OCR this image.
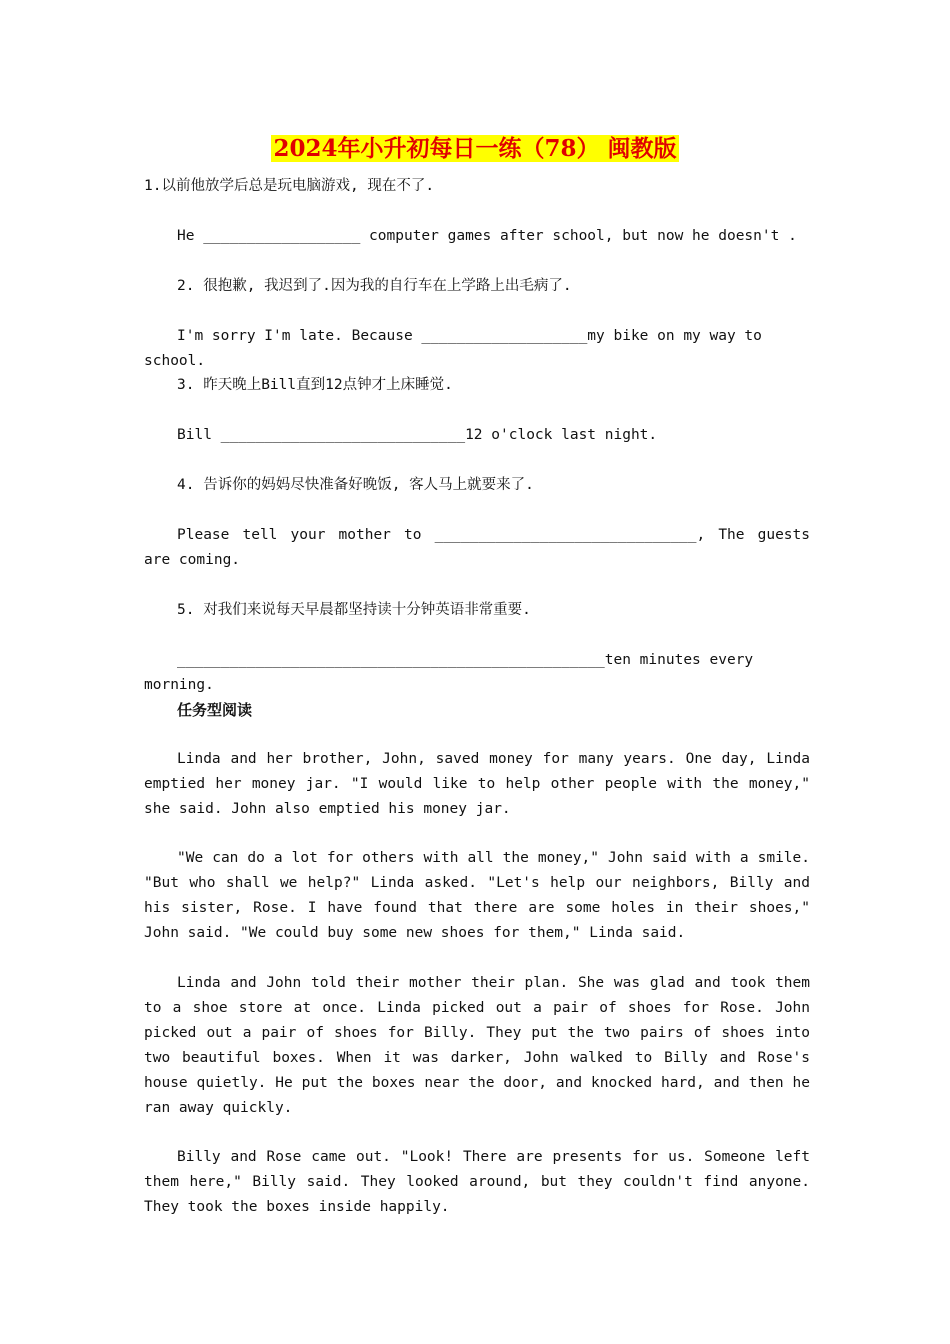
2024年小升初每日一练（78） 闽教版
1.以前他放学后总是玩电脑游戏, 现在不了.
He __________________ computer games after school, but now he doesn't .
2. 很抱歉, 我迟到了.因为我的自行车在上学路上出毛病了.
I'm sorry I'm late. Because ___________________my bike on my way to school.
3. 昨天晚上Bill直到12点钟才上床睡觉.
Bill ____________________________12 o'clock last night.
4. 告诉你的妈妈尽快准备好晚饭, 客人马上就要来了.
Please tell your mother to ______________________________, The guests are coming.
5. 对我们来说每天早晨都坚持读十分钟英语非常重要.
_________________________________________________ten minutes every morning.
任务型阅读
Linda and her brother, John, saved money for many years. One day, Linda emptied her money jar. "I would like to help other people with the money," she said. John also emptied his money jar.
"We can do a lot for others with all the money," John said with a smile. "But who shall we help?" Linda asked. "Let's help our neighbors, Billy and his sister, Rose. I have found that there are some holes in their shoes," John said. "We could buy some new shoes for them," Linda said.
Linda and John told their mother their plan. She was glad and took them to a shoe store at once. Linda picked out a pair of shoes for Rose. John picked out a pair of shoes for Billy. They put the two pairs of shoes into two beautiful boxes. When it was darker, John walked to Billy and Rose's house quietly. He put the boxes near the door, and knocked hard, and then he ran away quickly.
Billy and Rose came out. "Look! There are presents for us. Someone left them here," Billy said. They looked around, but they couldn't find anyone. They took the boxes inside happily.
